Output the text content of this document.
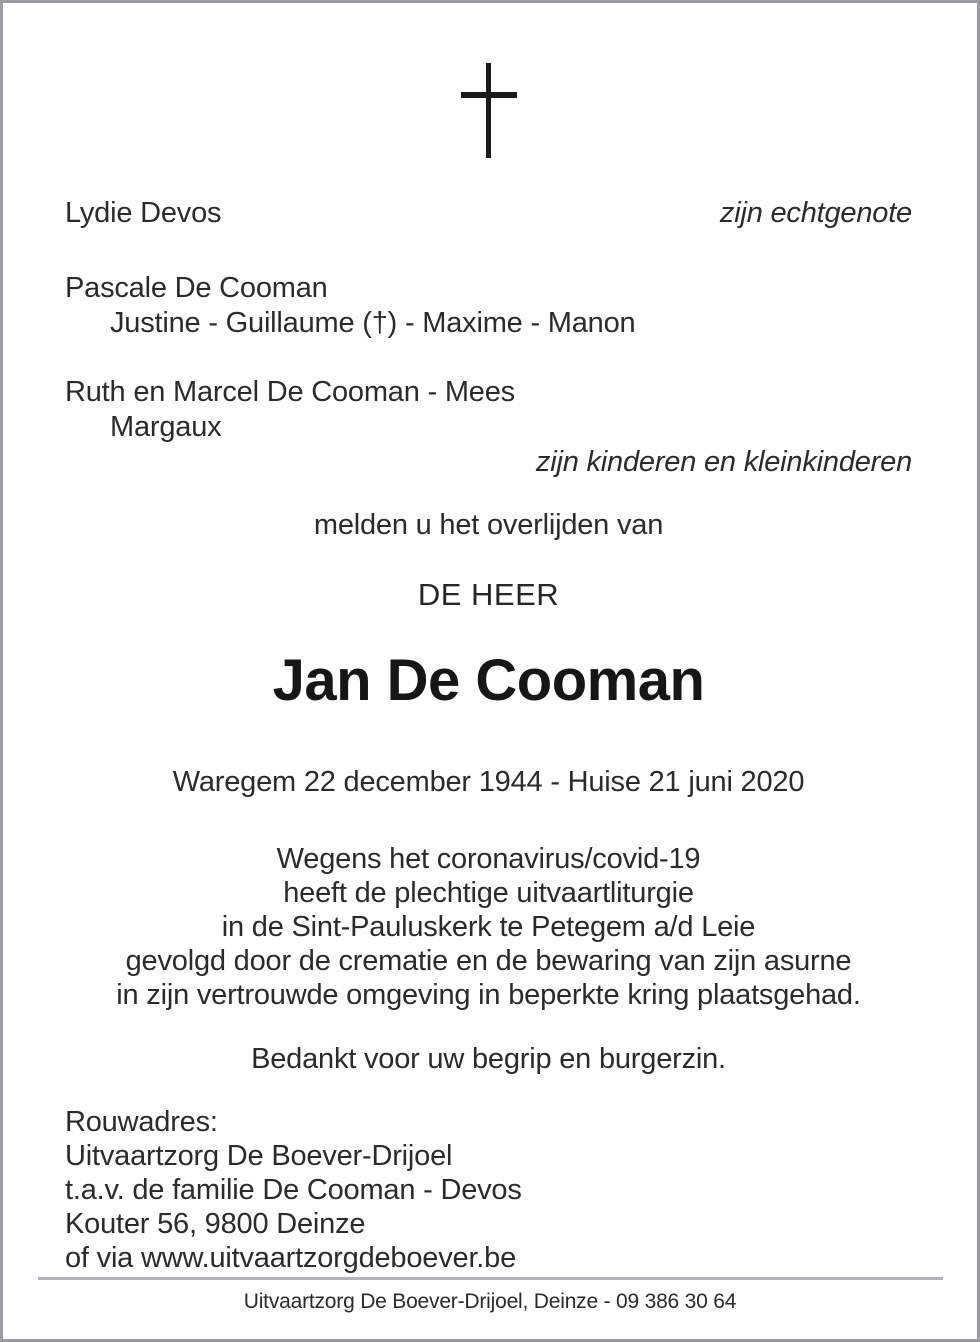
Lydie Devos	zijn echtgenote
Pascale De Cooman
Justine - Guillaume (†) - Maxime - Manon
Ruth en Marcel De Cooman - Mees
Margaux
zijn kinderen en kleinkinderen
melden u het overlijden van
DE HEER
Jan De Cooman
Waregem 22 december 1944 - Huise 21 juni 2020
Wegens het coronavirus/covid-19
heeft de plechtige uitvaartliturgie
in de Sint-Pauluskerk te Petegem a/d Leie
gevolgd door de crematie en de bewaring van zijn asurne
in zijn vertrouwde omgeving in beperkte kring plaatsgehad.
Bedankt voor uw begrip en burgerzin.
Rouwadres:
Uitvaartzorg De Boever-Drijoel
t.a.v. de familie De Cooman - Devos
Kouter 56, 9800 Deinze
of via www.uitvaartzorgdeboever.be
Uitvaartzorg De Boever-Drijoel, Deinze - 09 386 30 64
